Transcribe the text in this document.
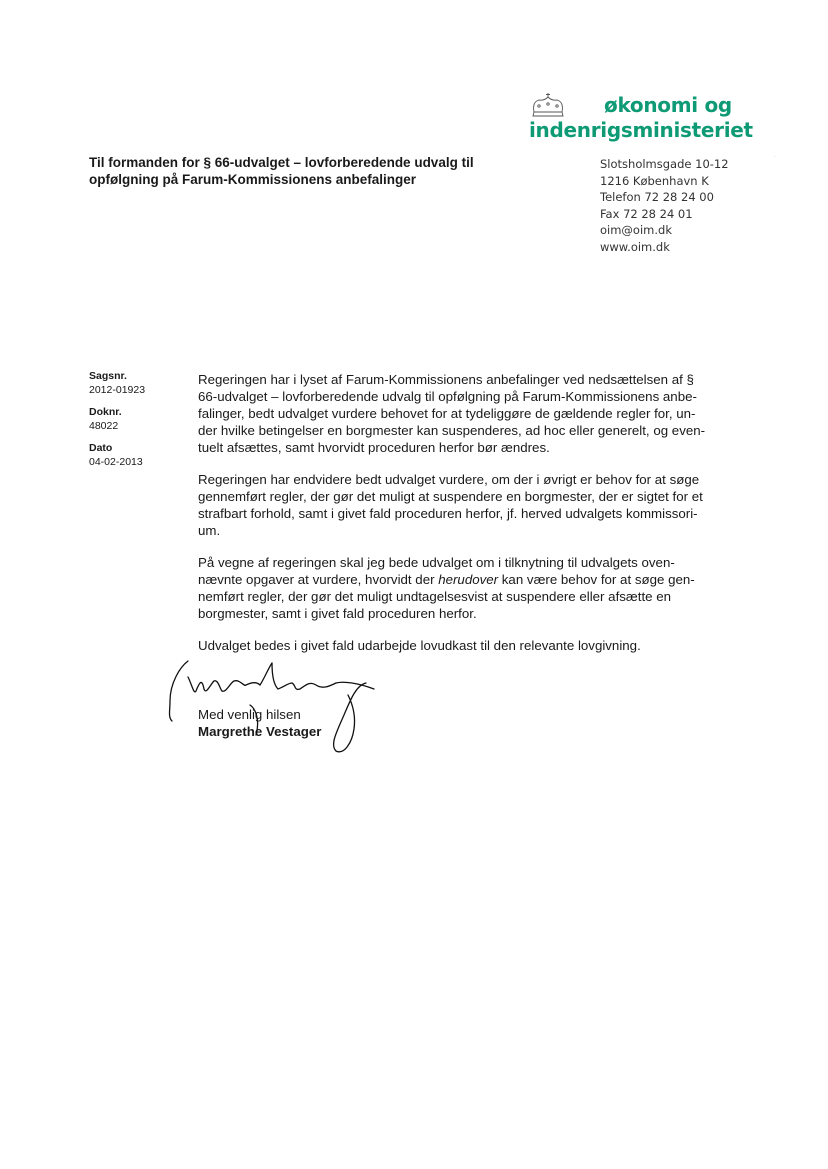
økonomi og
indenrigsministeriet
Til formanden for § 66-udvalget – lovforberedende udvalg til
opfølgning på Farum-Kommissionens anbefalinger
Slotsholmsgade 10-12
1216 København K
Telefon 72 28 24 00
Fax 72 28 24 01
oim@oim.dk
www.oim.dk
·
Sagsnr.
2012-01923
Doknr.
48022
Dato
04-02-2013
Regeringen har i lyset af Farum-Kommissionens anbefalinger ved nedsættelsen af §
66-udvalget – lovforberedende udvalg til opfølgning på Farum-Kommissionens anbe-
falinger, bedt udvalget vurdere behovet for at tydeliggøre de gældende regler for, un-
der hvilke betingelser en borgmester kan suspenderes, ad hoc eller generelt, og even-
tuelt afsættes, samt hvorvidt proceduren herfor bør ændres.
Regeringen har endvidere bedt udvalget vurdere, om der i øvrigt er behov for at søge
gennemført regler, der gør det muligt at suspendere en borgmester, der er sigtet for et
strafbart forhold, samt i givet fald proceduren herfor, jf. herved udvalgets kommissori-
um.
På vegne af regeringen skal jeg bede udvalget om i tilknytning til udvalgets oven-
nævnte opgaver at vurdere, hvorvidt der herudover kan være behov for at søge gen-
nemført regler, der gør det muligt undtagelsesvist at suspendere eller afsætte en
borgmester, samt i givet fald proceduren herfor.
Udvalget bedes i givet fald udarbejde lovudkast til den relevante lovgivning.
Med venlig hilsen
Margrethe Vestager
